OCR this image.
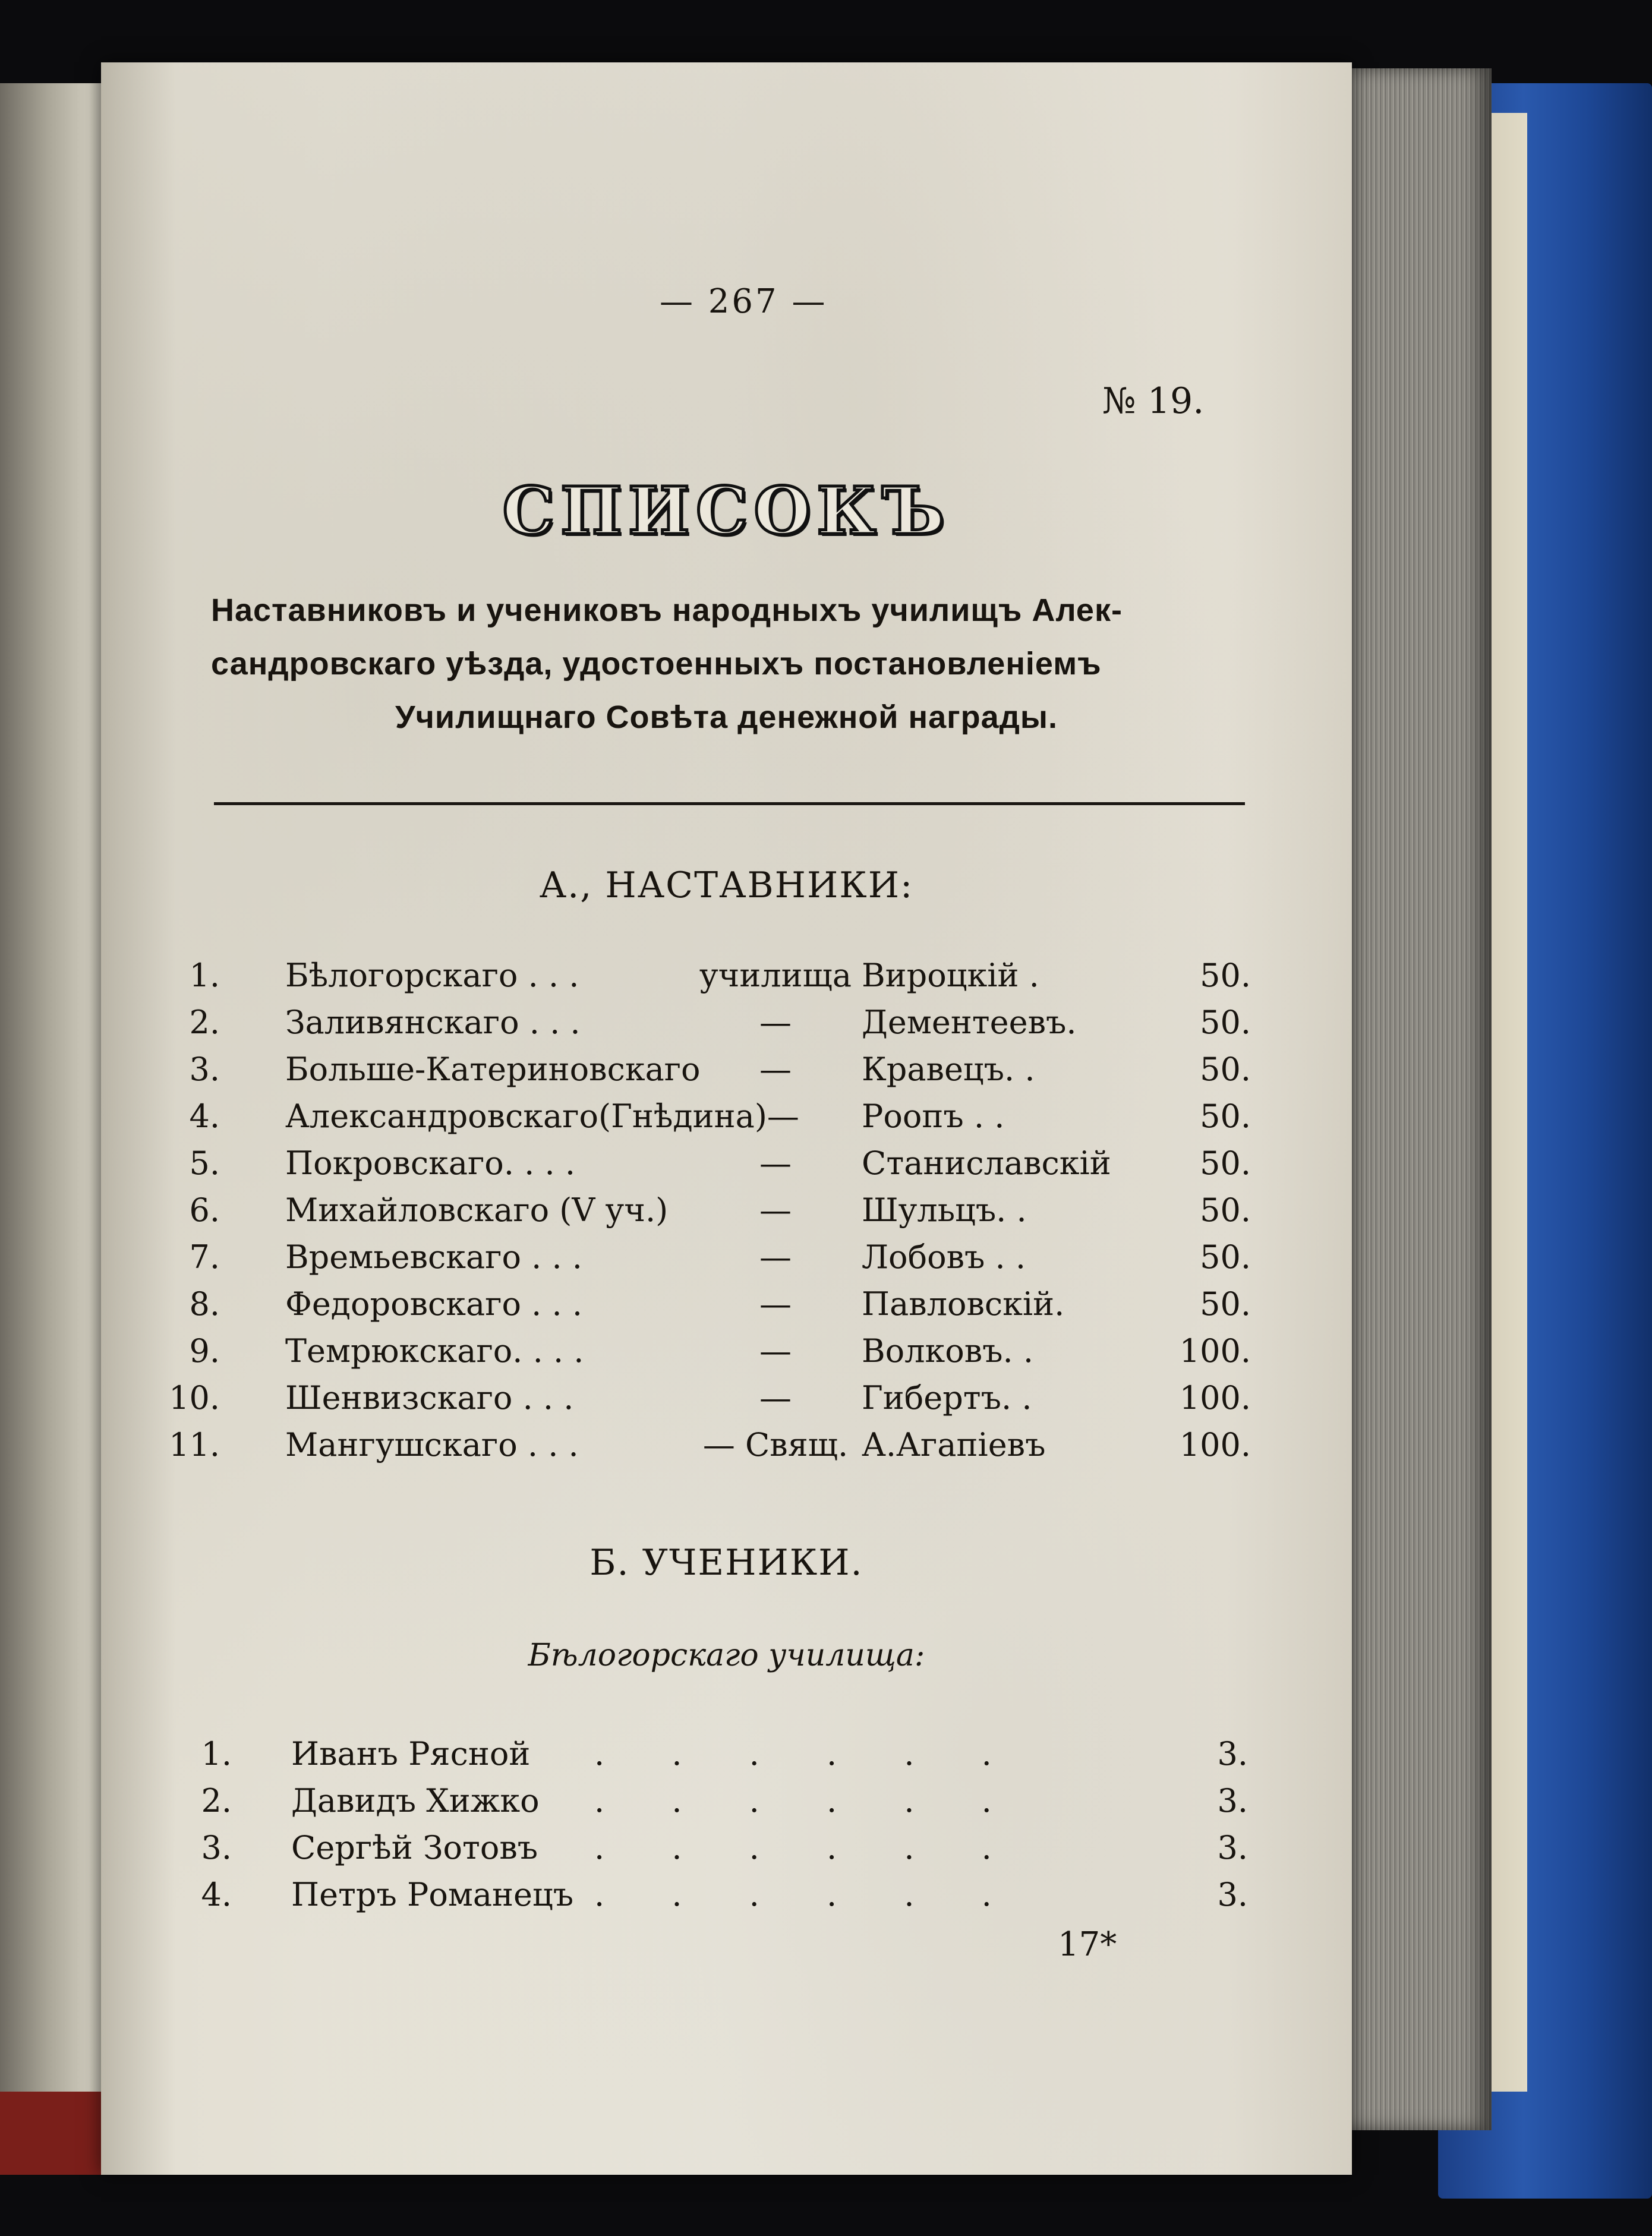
— 267 —
№ 19.
СПИСОКЪ
Наставниковъ и учениковъ народныхъ училищъ Алек-
сандровскаго уѣзда, удостоенныхъ постановленіемъ
Училищнаго Совѣта денежной награды.
А., НАСТАВНИКИ:
1. Бѣлогорскаго . . .	училища Вироцкій .	50.
2. Заливянскаго . . .	—	Дементеевъ.	50.
3. Больше-Катериновскаго	—	Кравецъ. .	50.
4. Александровскаго(Гнѣдина)— Роопъ . .	50.
5. Покровскаго. . . .	—	Станиславскій	50.
6. Михайловскаго (V уч.)	—	Шульцъ. .	50.
7. Времьевскаго . . .	—	Лобовъ . .	50.
8. Федоровскаго . . .	—	Павловскій.	50.
9. Темрюкскаго. . . .	—	Волковъ. .	100.
10. Шенвизскаго . . .	—	Гибертъ. .	100.
11. Мангушскаго . . .	— Свящ. А.Агапіевъ	100.
Б. УЧЕНИКИ.
Бѣлогорскаго училища:
1. Иванъ Рясной . . . . . .	3.
2. Давидъ Хижко . . . . . .	3.
3. Сергѣй Зотовъ . . . . . .	3.
4. Петръ Романецъ . . . . . .	3.
17*
